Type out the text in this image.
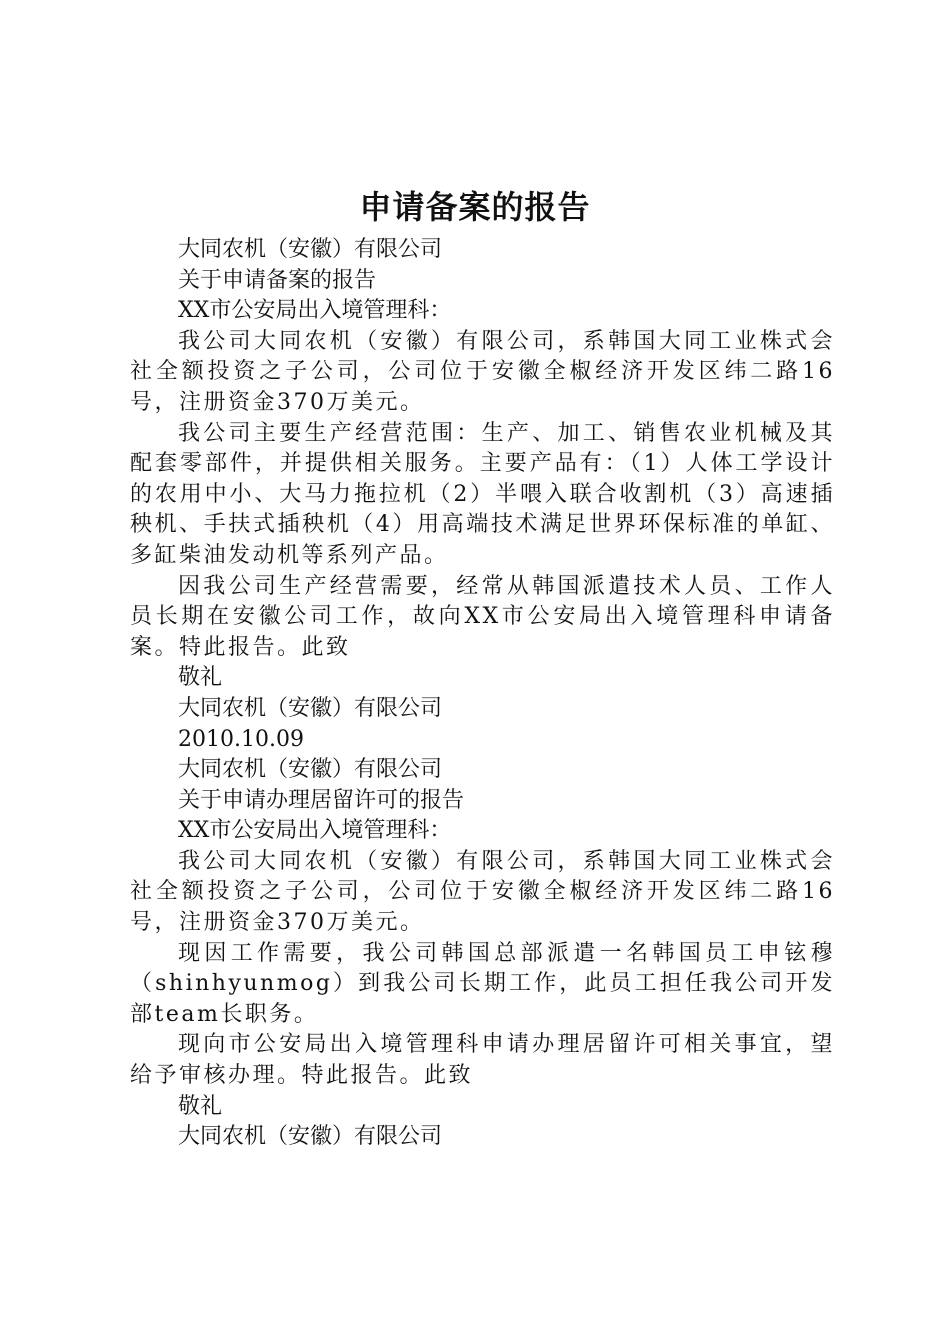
申请备案的报告

大同农机（安徽）有限公司

关于申请备案的报告

XX市公安局出入境管理科：

我公司大同农机（安徽）有限公司，系韩国大同工业株式会社全额投资之子公司，公司位于安徽全椒经济开发区纬二路16号，注册资金370万美元。

我公司主要生产经营范围：生产、加工、销售农业机械及其配套零部件，并提供相关服务。主要产品有：（1）人体工学设计的农用中小、大马力拖拉机（2）半喂入联合收割机（3）高速插秧机、手扶式插秧机（4）用高端技术满足世界环保标准的单缸、多缸柴油发动机等系列产品。

因我公司生产经营需要，经常从韩国派遣技术人员、工作人员长期在安徽公司工作，故向XX市公安局出入境管理科申请备案。特此报告。此致

敬礼

大同农机（安徽）有限公司

2010.10.09

大同农机（安徽）有限公司

关于申请办理居留许可的报告

XX市公安局出入境管理科：

我公司大同农机（安徽）有限公司，系韩国大同工业株式会社全额投资之子公司，公司位于安徽全椒经济开发区纬二路16号，注册资金370万美元。

现因工作需要，我公司韩国总部派遣一名韩国员工申铉穆（shinhyunmog）到我公司长期工作，此员工担任我公司开发部team长职务。

现向市公安局出入境管理科申请办理居留许可相关事宜，望给予审核办理。特此报告。此致

敬礼

大同农机（安徽）有限公司
